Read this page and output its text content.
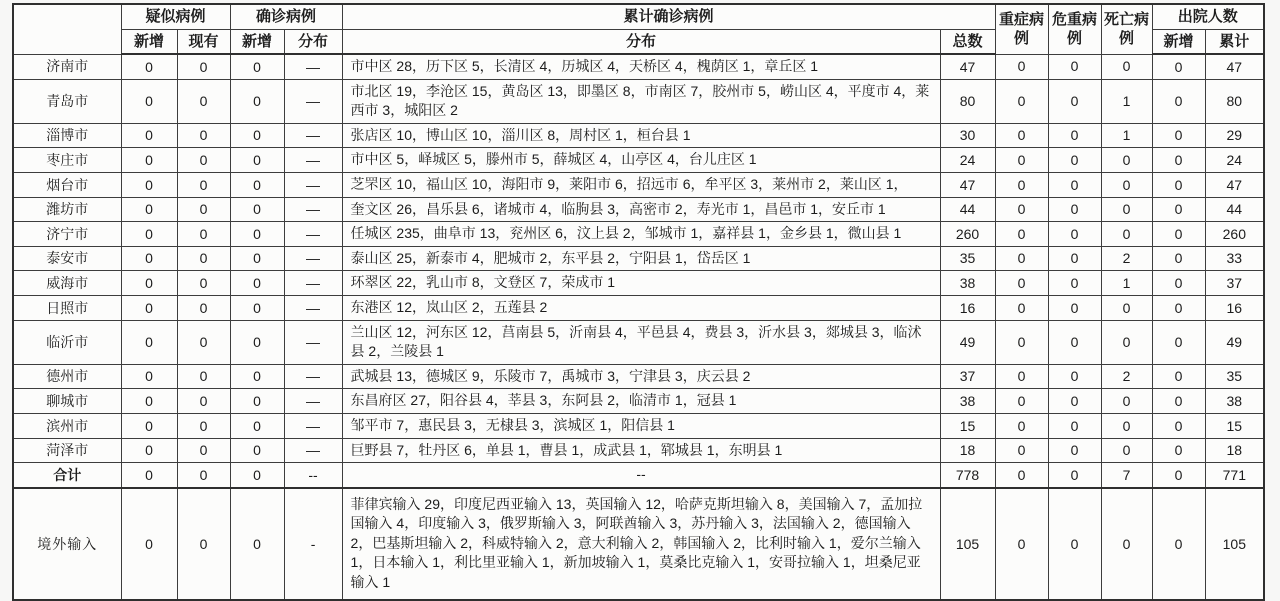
	疑似病例		确诊病例		累计确诊病例		重症病例	危重病例	死亡病例	出院人数	
	新增	现有	新增	分布	分布	总数				新增	累计
济南市	0	0	0	—	市中区 28，历下区 5，长清区 4，历城区 4，天桥区 4，槐荫区 1，章丘区 1	47	0	0	0	0	47
青岛市	0	0	0	—	市北区 19，李沧区 15，黄岛区 13，即墨区 8，市南区 7，胶州市 5，崂山区 4，平度市 4，莱西市 3，城阳区 2	80	0	0	1	0	80
淄博市	0	0	0	—	张店区 10，博山区 10，淄川区 8，周村区 1，桓台县 1	30	0	0	1	0	29
枣庄市	0	0	0	—	市中区 5，峄城区 5，滕州市 5，薛城区 4，山亭区 4，台儿庄区 1	24	0	0	0	0	24
烟台市	0	0	0	—	芝罘区 10，福山区 10，海阳市 9，莱阳市 6，招远市 6，牟平区 3，莱州市 2，莱山区 1，	47	0	0	0	0	47
潍坊市	0	0	0	—	奎文区 26，昌乐县 6，诸城市 4，临朐县 3，高密市 2，寿光市 1，昌邑市 1，安丘市 1	44	0	0	0	0	44
济宁市	0	0	0	—	任城区 235，曲阜市 13，兖州区 6，汶上县 2，邹城市 1，嘉祥县 1，金乡县 1，微山县 1	260	0	0	0	0	260
泰安市	0	0	0	—	泰山区 25，新泰市 4，肥城市 2，东平县 2，宁阳县 1，岱岳区 1	35	0	0	2	0	33
威海市	0	0	0	—	环翠区 22，乳山市 8，文登区 7，荣成市 1	38	0	0	1	0	37
日照市	0	0	0	—	东港区 12，岚山区 2，五莲县 2	16	0	0	0	0	16
临沂市	0	0	0	—	兰山区 12，河东区 12，莒南县 5，沂南县 4，平邑县 4，费县 3，沂水县 3，郯城县 3，临沭县 2，兰陵县 1	49	0	0	0	0	49
德州市	0	0	0	—	武城县 13，德城区 9，乐陵市 7，禹城市 3，宁津县 3，庆云县 2	37	0	0	2	0	35
聊城市	0	0	0	—	东昌府区 27，阳谷县 4，莘县 3，东阿县 2，临清市 1，冠县 1	38	0	0	0	0	38
滨州市	0	0	0	—	邹平市 7，惠民县 3，无棣县 3，滨城区 1，阳信县 1	15	0	0	0	0	15
菏泽市	0	0	0	—	巨野县 7，牡丹区 6，单县 1，曹县 1，成武县 1，郓城县 1，东明县 1	18	0	0	0	0	18
合计	0	0	0	--	--	778	0	0	7	0	771
境外输入	0	0	0	-	菲律宾输入 29，印度尼西亚输入 13，英国输入 12，哈萨克斯坦输入 8，美国输入 7，孟加拉国输入 4，印度输入 3，俄罗斯输入 3，阿联酋输入 3，苏丹输入 3，法国输入 2，德国输入 2，巴基斯坦输入 2，科威特输入 2，意大利输入 2，韩国输入 2，比利时输入 1，爱尔兰输入 1，日本输入 1，利比里亚输入 1，新加坡输入 1，莫桑比克输入 1，安哥拉输入 1，坦桑尼亚输入 1	105	0	0	0	0	105
